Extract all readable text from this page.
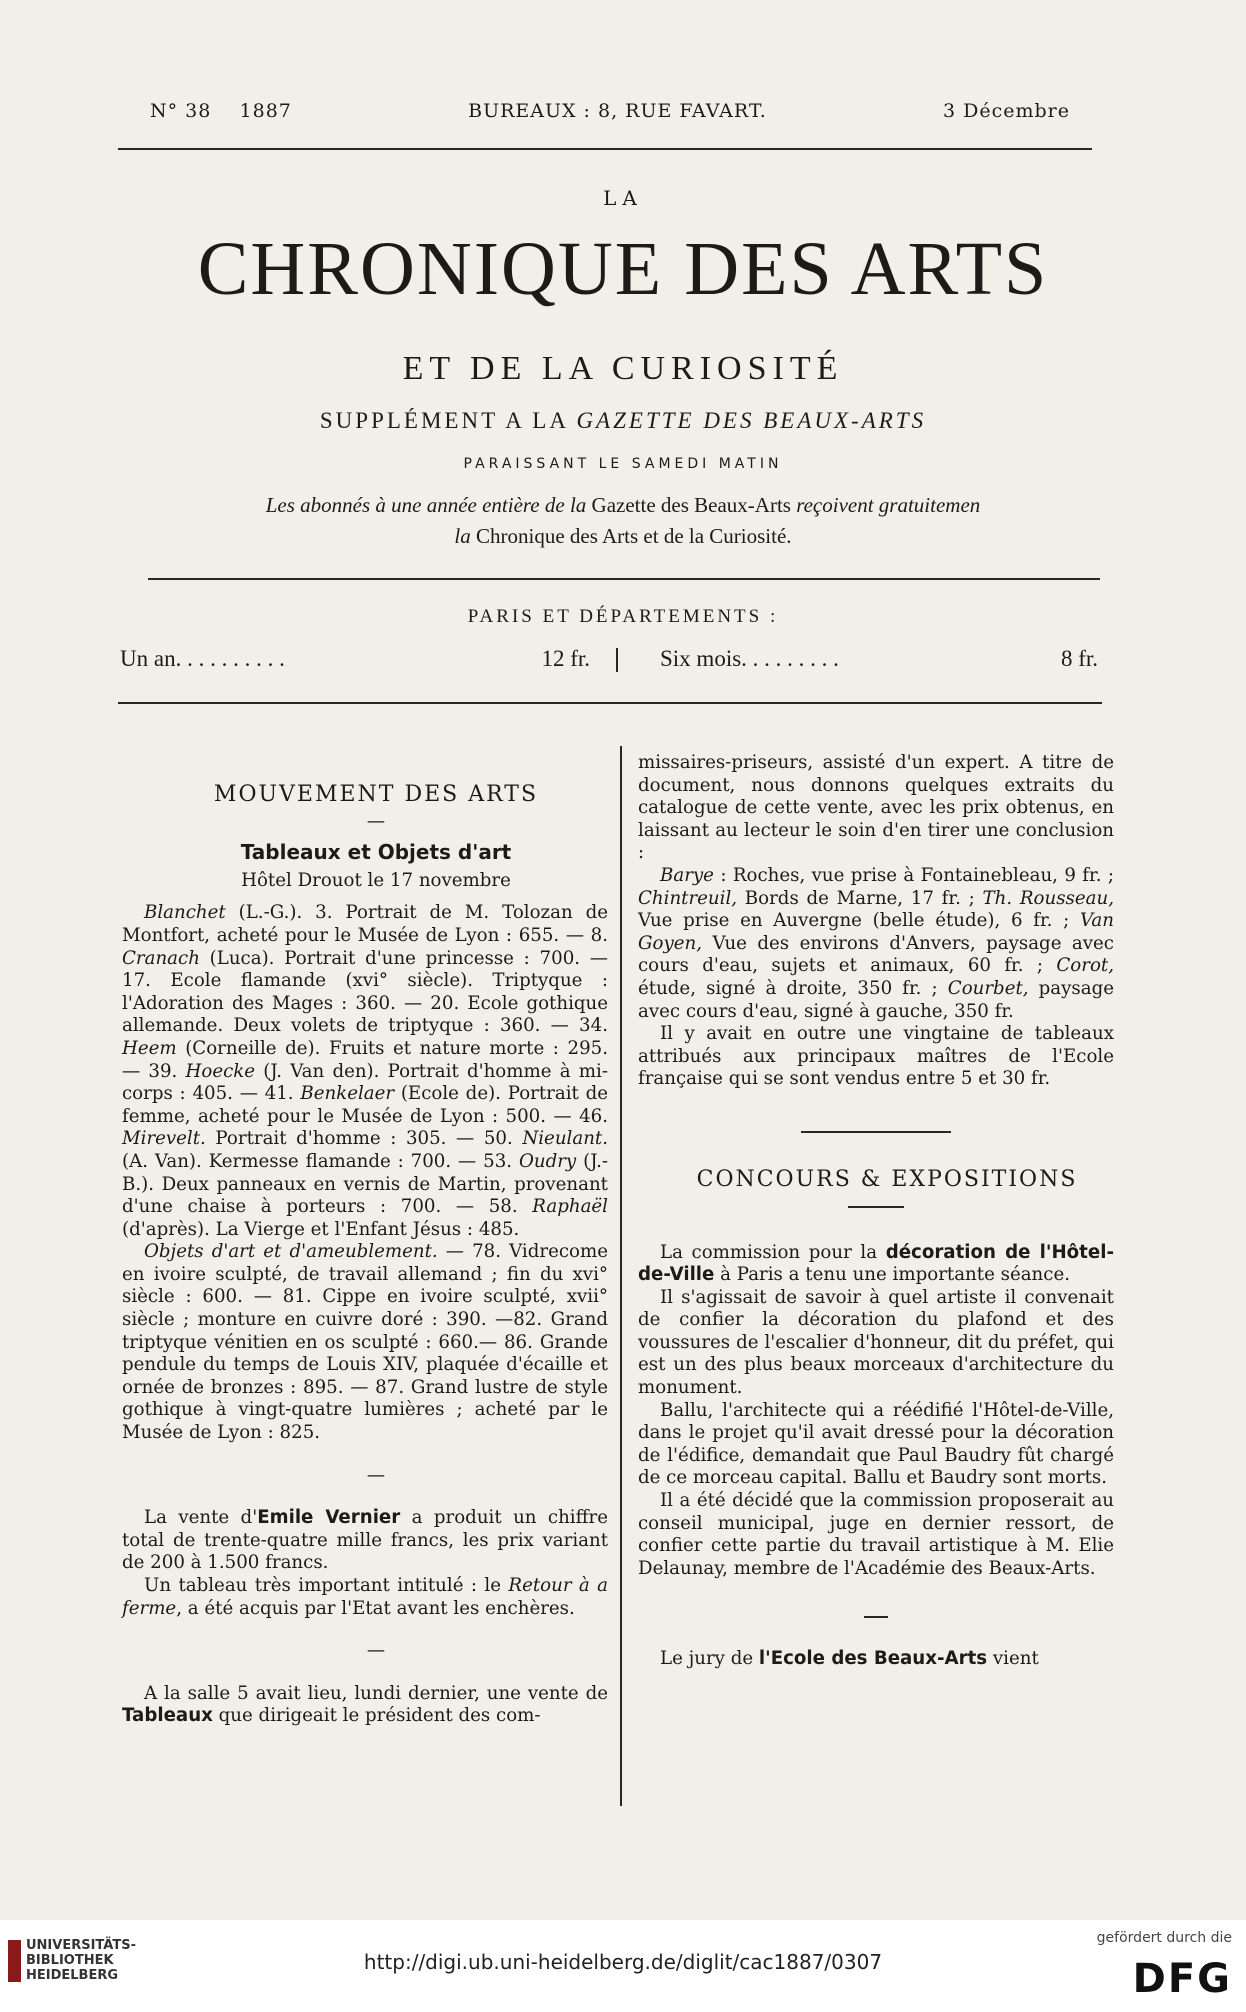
N° 38 1887	BUREAUX : 8, RUE FAVART.	3 Décembre
LA
CHRONIQUE DES ARTS
ET DE LA CURIOSITÉ
SUPPLÉMENT A LA GAZETTE DES BEAUX-ARTS
PARAISSANT LE SAMEDI MATIN
Les abonnés à une année entière de la Gazette des Beaux-Arts reçoivent gratuitemen
la Chronique des Arts et de la Curiosité.
PARIS ET DÉPARTEMENTS :
Un an. . . . . . . . . .	12 fr.	Six mois. . . . . . . . .	8 fr.

MOUVEMENT DES ARTS

—

Tableaux et Objets d'art

Hôtel Drouot le 17 novembre

Blanchet (L.-G.). 3. Portrait de M. Tolozan de Montfort, acheté pour le Musée de Lyon : 655. — 8. Cranach (Luca). Portrait d'une princesse : 700. — 17. Ecole flamande (xvi° siècle). Triptyque : l'Adoration des Mages : 360. — 20. Ecole gothique allemande. Deux volets de triptyque : 360. — 34. Heem (Corneille de). Fruits et nature morte : 295. — 39. Hoecke (J. Van den). Portrait d'homme à mi-corps : 405. — 41. Benkelaer (Ecole de). Portrait de femme, acheté pour le Musée de Lyon : 500. — 46. Mirevelt. Portrait d'homme : 305. — 50. Nieulant. (A. Van). Kermesse flamande : 700. — 53. Oudry (J.-B.). Deux panneaux en vernis de Martin, provenant d'une chaise à porteurs : 700. — 58. Raphaël (d'après). La Vierge et l'Enfant Jésus : 485.

Objets d'art et d'ameublement. — 78. Vidrecome en ivoire sculpté, de travail allemand ; fin du xvi° siècle : 600. — 81. Cippe en ivoire sculpté, xvii° siècle ; monture en cuivre doré : 390. —82. Grand triptyque vénitien en os sculpté : 660.— 86. Grande pendule du temps de Louis XIV, plaquée d'écaille et ornée de bronzes : 895. — 87. Grand lustre de style gothique à vingt-quatre lumières ; acheté par le Musée de Lyon : 825.

—

La vente d'Emile Vernier a produit un chiffre total de trente-quatre mille francs, les prix variant de 200 à 1.500 francs.

Un tableau très important intitulé : le Retour à a ferme, a été acquis par l'Etat avant les enchères.

—

A la salle 5 avait lieu, lundi dernier, une vente de Tableaux que dirigeait le président des com-

missaires-priseurs, assisté d'un expert. A titre de document, nous donnons quelques extraits du catalogue de cette vente, avec les prix obtenus, en laissant au lecteur le soin d'en tirer une conclusion :

Barye : Roches, vue prise à Fontainebleau, 9 fr. ; Chintreuil, Bords de Marne, 17 fr. ; Th. Rousseau, Vue prise en Auvergne (belle étude), 6 fr. ; Van Goyen, Vue des environs d'Anvers, paysage avec cours d'eau, sujets et animaux, 60 fr. ; Corot, étude, signé à droite, 350 fr. ; Courbet, paysage avec cours d'eau, signé à gauche, 350 fr.

Il y avait en outre une vingtaine de tableaux attribués aux principaux maîtres de l'Ecole française qui se sont vendus entre 5 et 30 fr.

CONCOURS & EXPOSITIONS

La commission pour la décoration de l'Hôtel-de-Ville à Paris a tenu une importante séance.

Il s'agissait de savoir à quel artiste il convenait de confier la décoration du plafond et des voussures de l'escalier d'honneur, dit du préfet, qui est un des plus beaux morceaux d'architecture du monument.

Ballu, l'architecte qui a réédifié l'Hôtel-de-Ville, dans le projet qu'il avait dressé pour la décoration de l'édifice, demandait que Paul Baudry fût chargé de ce morceau capital. Ballu et Baudry sont morts.

Il a été décidé que la commission proposerait au conseil municipal, juge en dernier ressort, de confier cette partie du travail artistique à M. Elie Delaunay, membre de l'Académie des Beaux-Arts.

Le jury de l'Ecole des Beaux-Arts vient

UNIVERSITÄTS-
BIBLIOTHEK
HEIDELBERG
http://digi.ub.uni-heidelberg.de/diglit/cac1887/0307
gefördert durch die
DFG
